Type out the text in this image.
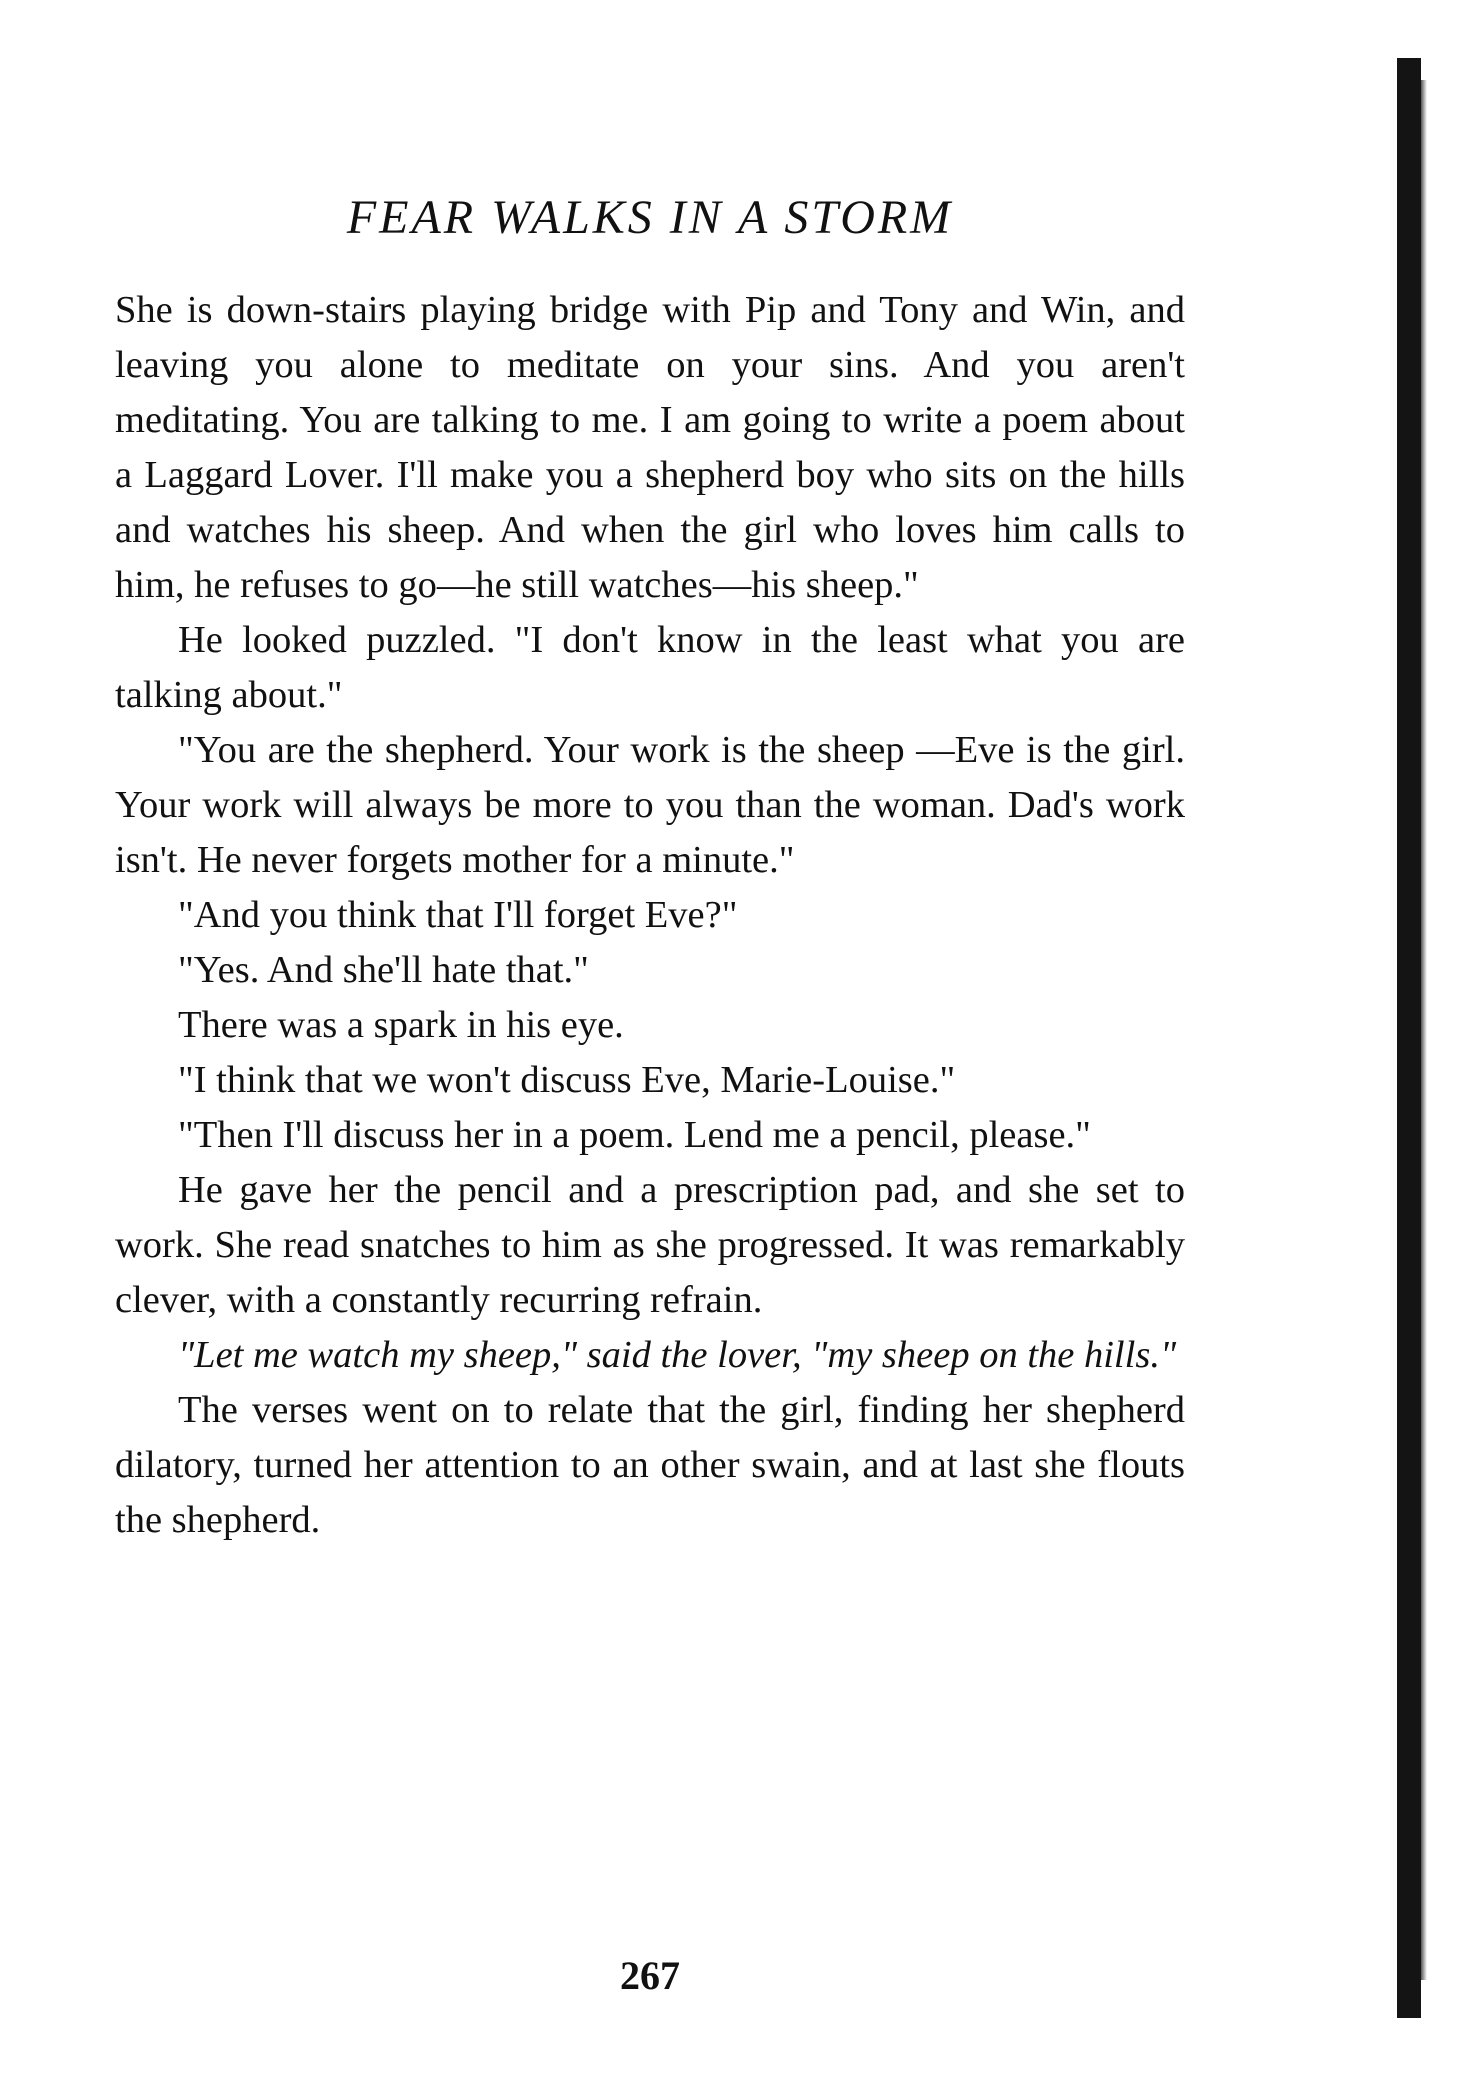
FEAR WALKS IN A STORM

She is down-stairs playing bridge with Pip and Tony and Win, and leaving you alone to meditate on your sins. And you aren't meditating. You are talking to me. I am going to write a poem about a Laggard Lover. I'll make you a shepherd boy who sits on the hills and watches his sheep. And when the girl who loves him calls to him, he refuses to go—he still watches—his sheep."

He looked puzzled. "I don't know in the least what you are talking about."

"You are the shepherd. Your work is the sheep —Eve is the girl. Your work will always be more to you than the woman. Dad's work isn't. He never forgets mother for a minute."

"And you think that I'll forget Eve?"

"Yes. And she'll hate that."

There was a spark in his eye.

"I think that we won't discuss Eve, Marie-Louise."

"Then I'll discuss her in a poem. Lend me a pencil, please."

He gave her the pencil and a prescription pad, and she set to work. She read snatches to him as she progressed. It was remarkably clever, with a constantly recurring refrain.

"Let me watch my sheep," said the lover, "my sheep on the hills."

The verses went on to relate that the girl, finding her shepherd dilatory, turned her attention to an other swain, and at last she flouts the shepherd.

267
